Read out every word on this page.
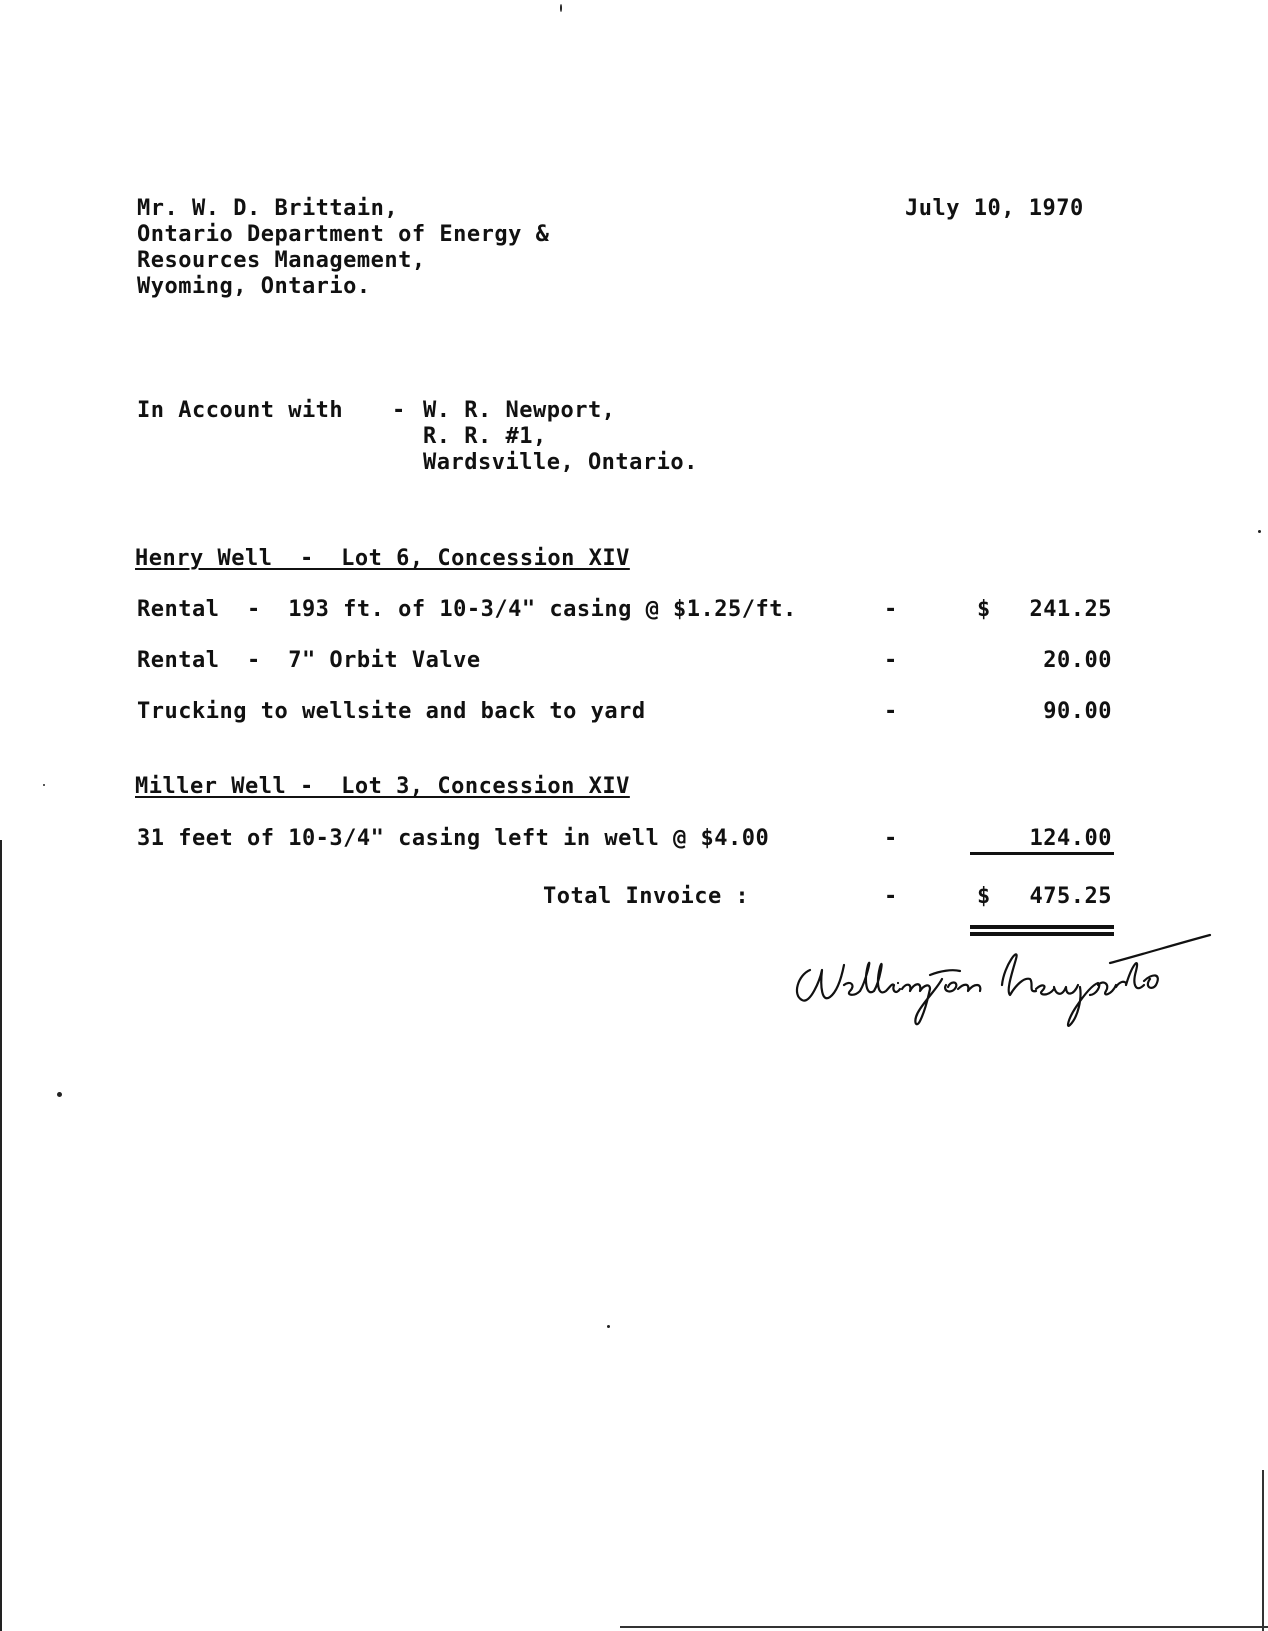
Mr. W. D. Brittain,
Ontario Department of Energy &
Resources Management,
Wyoming, Ontario.
July 10, 1970
In Account with - W. R. Newport,
R. R. #1,
Wardsville, Ontario.
Henry Well  -  Lot 6, Concession XIV
Rental  -  193 ft. of 10-3/4" casing @ $1.25/ft.	-	$	241.25
Rental  -  7" Orbit Valve	-	20.00
Trucking to wellsite and back to yard	-	90.00
Miller Well -  Lot 3, Concession XIV
31 feet of 10-3/4" casing left in well @ $4.00	-	124.00
Total Invoice :	-	$	475.25
